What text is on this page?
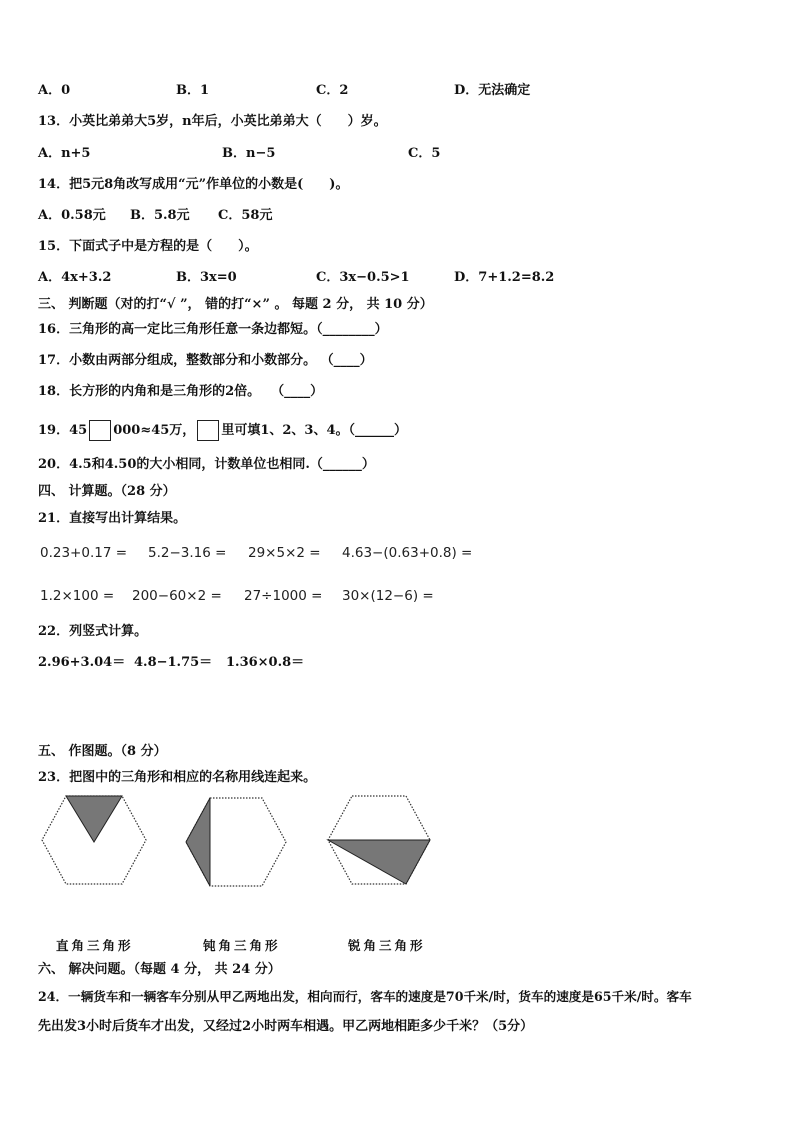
A．0	B．1	C．2	D．无法确定
13．小英比弟弟大5岁，n年后，小英比弟弟大（　　）岁。
A．n+5	B．n−5	C．5
14．把5元8角改写成用“元”作单位的小数是(　　)。
A．0.58元 B．5.8元 C．58元
15．下面式子中是方程的是（　　）。
A．4x+3.2	B．3x=0	C．3x−0.5>1	D．7+1.2=8.2
三、 判断题（对的打“√ ”， 错的打“×” 。 每题 2 分， 共 10 分）
16．三角形的高一定比三角形任意一条边都短。（________）
17．小数由两部分组成，整数部分和小数部分。 （____）
18．长方形的内角和是三角形的2倍。　 （____）
19．45 000≈45万， 里可填1、2、3、4。（______）
20．4.5和4.50的大小相同，计数单位也相同.（______）
四、 计算题。（28 分）
21．直接写出计算结果。
0.23+0.17 = 5.2−3.16 = 29×5×2 = 4.63−(0.63+0.8) =
1.2×100 = 200−60×2 = 27÷1000 = 30×(12−6) =
22．列竖式计算。
2.96+3.04＝ 4.8−1.75＝ 1.36×0.8＝
五、 作图题。（8 分）
23．把图中的三角形和相应的名称用线连起来。
直角三角形	钝角三角形	锐角三角形
六、 解决问题。（每题 4 分， 共 24 分）
24．一辆货车和一辆客车分别从甲乙两地出发，相向而行，客车的速度是70千米/时，货车的速度是65千米/时。客车
先出发3小时后货车才出发，又经过2小时两车相遇。甲乙两地相距多少千米？（5分）
